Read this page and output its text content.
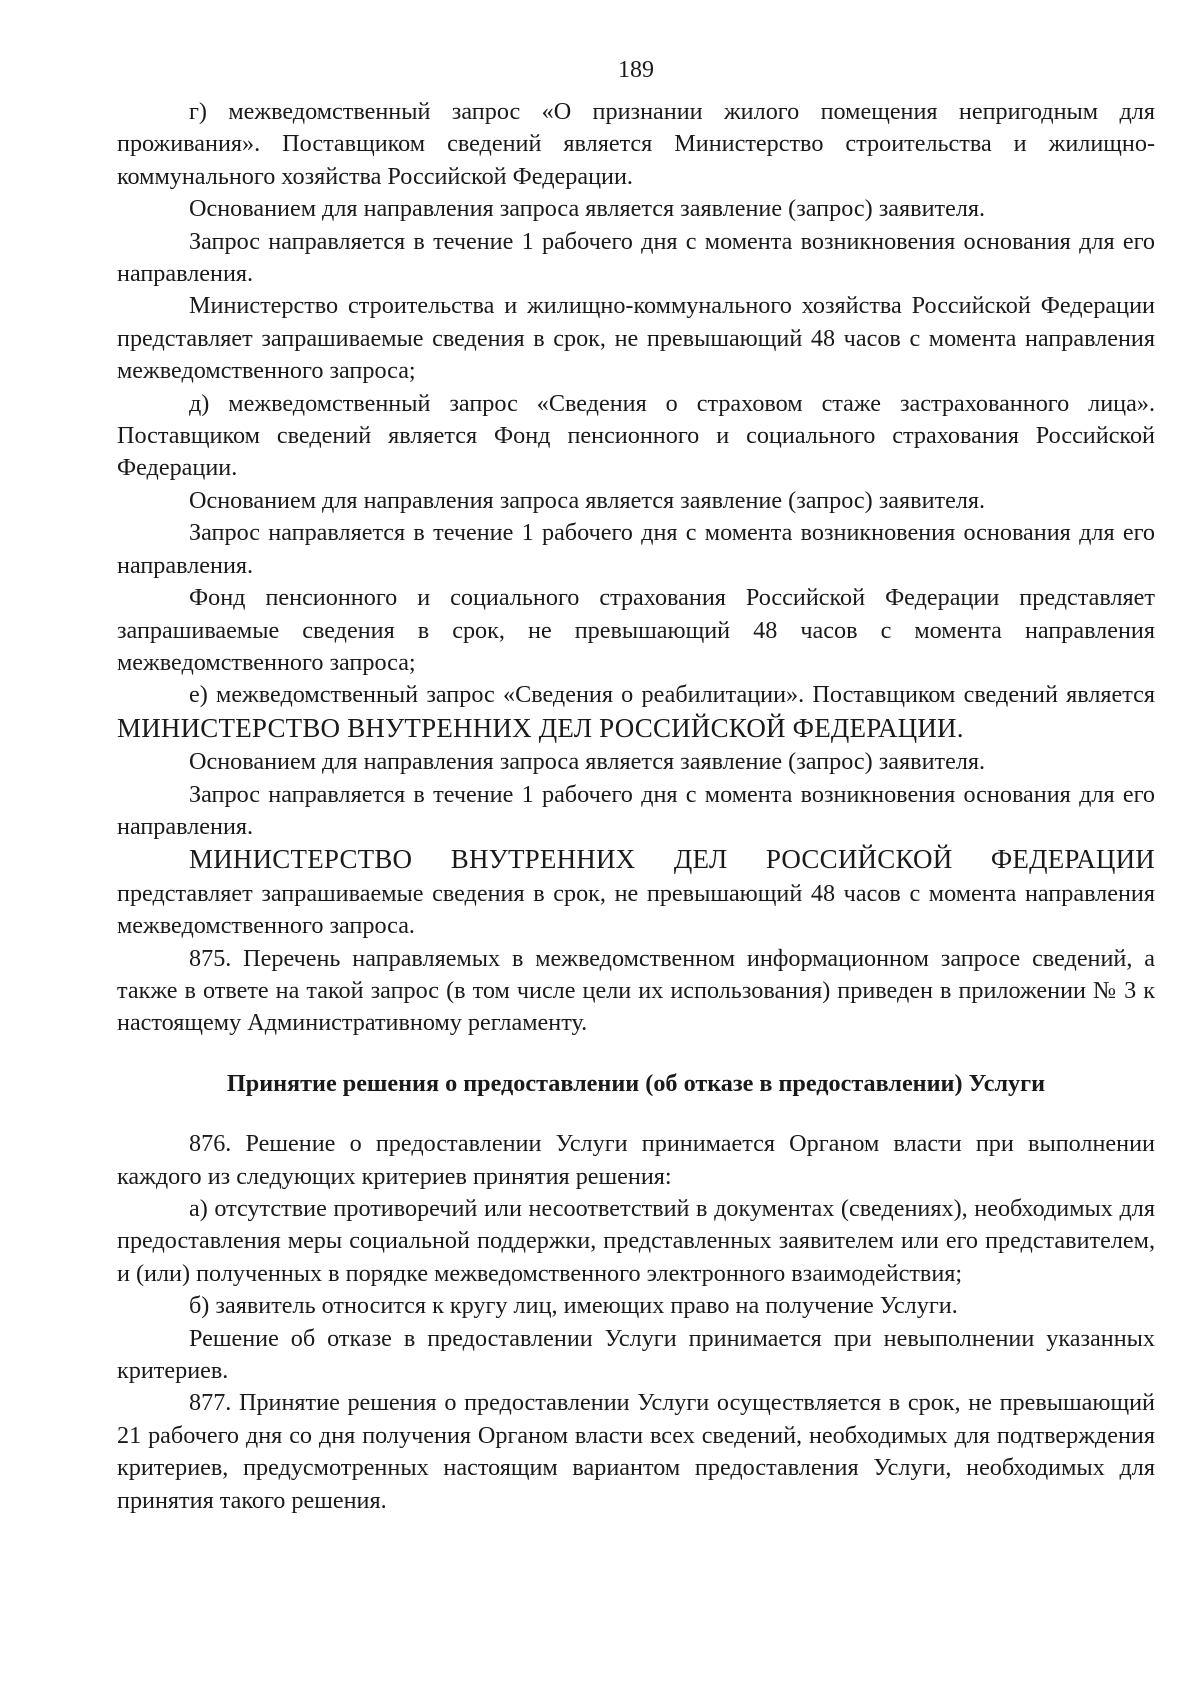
189

г) межведомственный запрос «О признании жилого помещения непригодным для проживания». Поставщиком сведений является Министерство строительства и жилищно-коммунального хозяйства Российской Федерации.

Основанием для направления запроса является заявление (запрос) заявителя.

Запрос направляется в течение 1 рабочего дня с момента возникновения основания для его направления.

Министерство строительства и жилищно-коммунального хозяйства Российской Федерации представляет запрашиваемые сведения в срок, не превышающий 48 часов с момента направления межведомственного запроса;

д) межведомственный запрос «Сведения о страховом стаже застрахованного лица». Поставщиком сведений является Фонд пенсионного и социального страхования Российской Федерации.

Основанием для направления запроса является заявление (запрос) заявителя.

Запрос направляется в течение 1 рабочего дня с момента возникновения основания для его направления.

Фонд пенсионного и социального страхования Российской Федерации представляет запрашиваемые сведения в срок, не превышающий 48 часов с момента направления межведомственного запроса;

е) межведомственный запрос «Сведения о реабилитации». Поставщиком сведений является МИНИСТЕРСТВО ВНУТРЕННИХ ДЕЛ РОССИЙСКОЙ ФЕДЕРАЦИИ.

Основанием для направления запроса является заявление (запрос) заявителя.

Запрос направляется в течение 1 рабочего дня с момента возникновения основания для его направления.

МИНИСТЕРСТВО ВНУТРЕННИХ ДЕЛ РОССИЙСКОЙ ФЕДЕРАЦИИ представляет запрашиваемые сведения в срок, не превышающий 48 часов с момента направления межведомственного запроса.

875. Перечень направляемых в межведомственном информационном запросе сведений, а также в ответе на такой запрос (в том числе цели их использования) приведен в приложении № 3 к настоящему Административному регламенту.

Принятие решения о предоставлении (об отказе в предоставлении) Услуги

876. Решение о предоставлении Услуги принимается Органом власти при выполнении каждого из следующих критериев принятия решения:

а) отсутствие противоречий или несоответствий в документах (сведениях), необходимых для предоставления меры социальной поддержки, представленных заявителем или его представителем, и (или) полученных в порядке межведомственного электронного взаимодействия;

б) заявитель относится к кругу лиц, имеющих право на получение Услуги.

Решение об отказе в предоставлении Услуги принимается при невыполнении указанных критериев.

877. Принятие решения о предоставлении Услуги осуществляется в срок, не превышающий 21 рабочего дня со дня получения Органом власти всех сведений, необходимых для подтверждения критериев, предусмотренных настоящим вариантом предоставления Услуги, необходимых для принятия такого решения.
